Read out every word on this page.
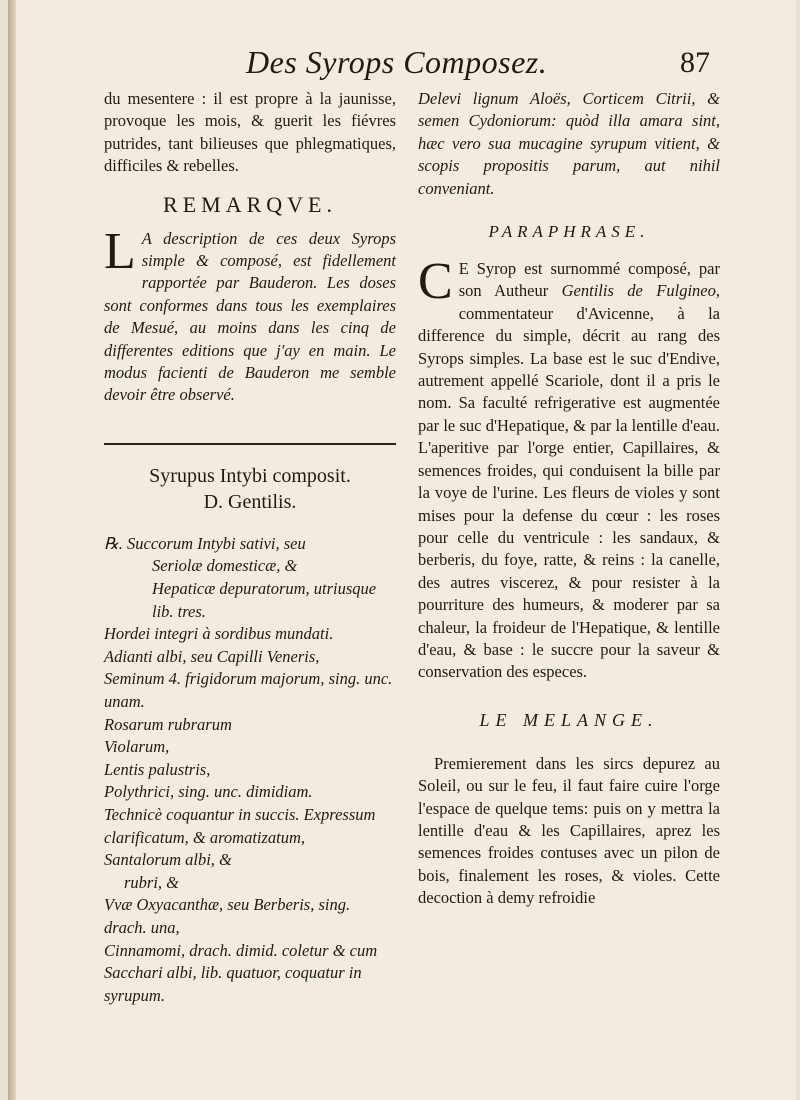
Des Syrops Composez.	87

du mesentere : il est propre à la jaunisse, provoque les mois, & guerit les fiévres putrides, tant bilieuses que phlegmatiques, difficiles & rebelles.

REMARQVE.
L A description de ces deux Syrops simple & composé, est fidellement rapportée par Bauderon. Les doses sont conformes dans tous les exemplaires de Mesué, au moins dans les cinq de differentes editions que j'ay en main. Le modus facienti de Bauderon me semble devoir être observé.

Syrupus Intybi composit.
D. Gentilis.

℞. Succorum Intybi sativi, seu

Seriolæ domesticæ, &

Hepaticæ depuratorum, utriusque lib. tres.

Hordei integri à sordibus mundati.

Adianti albi, seu Capilli Veneris,

Seminum 4. frigidorum majorum, sing. unc. unam.

Rosarum rubrarum

Violarum,

Lentis palustris,

Polythrici, sing. unc. dimidiam.

Technicè coquantur in succis. Expressum clarificatum, & aromatizatum,

Santalorum albi, &

rubri, &

Vvæ Oxyacanthæ, seu Berberis, sing. drach. una,

Cinnamomi, drach. dimid. coletur & cum

Sacchari albi, lib. quatuor, coquatur in syrupum.

Delevi lignum Aloës, Corticem Citrii, & semen Cydoniorum: quòd illa amara sint, hæc vero sua mucagine syrupum vitient, & scopis propositis parum, aut nihil conveniant.

PARAPHRASE.
C E Syrop est surnommé composé, par son Autheur Gentilis de Fulgineo, commentateur d'Avicenne, à la difference du simple, décrit au rang des Syrops simples. La base est le suc d'Endive, autrement appellé Scariole, dont il a pris le nom. Sa faculté refrigerative est augmentée par le suc d'Hepatique, & par la lentille d'eau. L'aperitive par l'orge entier, Capillaires, & semences froides, qui conduisent la bille par la voye de l'urine. Les fleurs de violes y sont mises pour la defense du cœur : les roses pour celle du ventricule : les sandaux, & berberis, du foye, ratte, & reins : la canelle, des autres viscerez, & pour resister à la pourriture des humeurs, & moderer par sa chaleur, la froideur de l'Hepatique, & lentille d'eau, & base : le succre pour la saveur & conservation des especes.

LE MELANGE.

Premierement dans les sircs depurez au Soleil, ou sur le feu, il faut faire cuire l'orge l'espace de quelque tems: puis on y mettra la lentille d'eau & les Capillaires, aprez les semences froides contuses avec un pilon de bois, finalement les roses, & violes. Cette decoction à demy refroidie
